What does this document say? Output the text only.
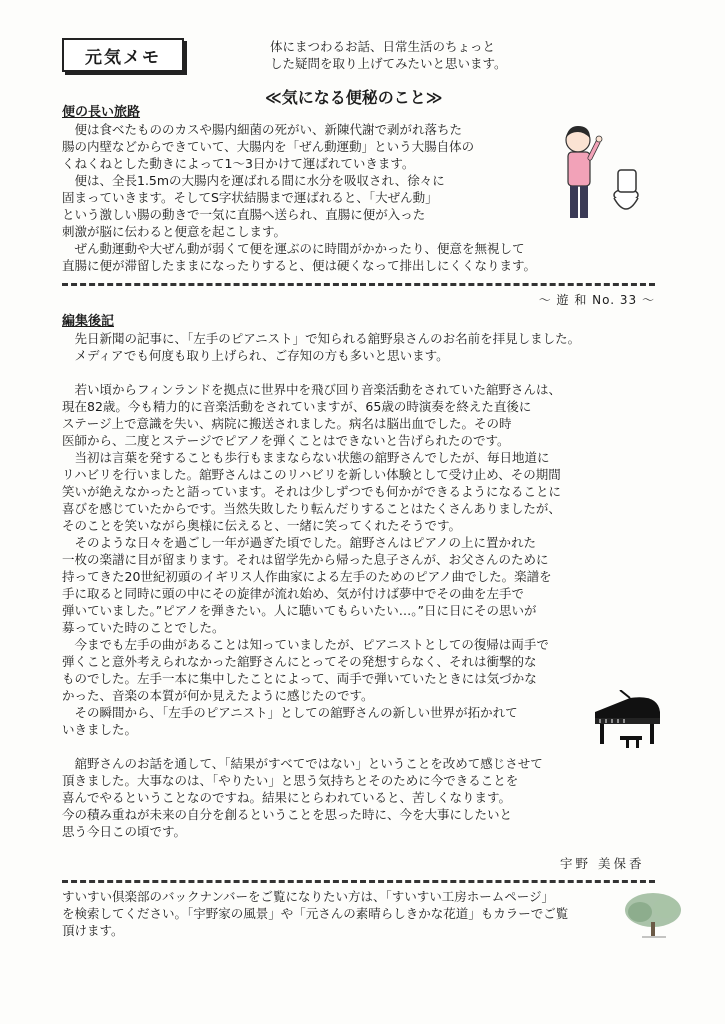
元気メモ
体にまつわるお話、日常生活のちょっと
した疑問を取り上げてみたいと思います。
≪気になる便秘のこと≫
便の長い旅路
　便は食べたもののカスや腸内細菌の死がい、新陳代謝で剥がれ落ちた
腸の内壁などからできていて、大腸内を「ぜん動運動」という大腸自体の
くねくねとした動きによって1～3日かけて運ばれていきます。
　便は、全長1.5mの大腸内を運ばれる間に水分を吸収され、徐々に
固まっていきます。そしてS字状結腸まで運ばれると、「大ぜん動」
という激しい腸の動きで一気に直腸へ送られ、直腸に便が入った
刺激が脳に伝わると便意を起こします。
　ぜん動運動や大ぜん動が弱くて便を運ぶのに時間がかかったり、便意を無視して
直腸に便が滞留したままになったりすると、便は硬くなって排出しにくくなります。
～ 遊 和 No. 33 ～
編集後記
　先日新聞の記事に、「左手のピアニスト」で知られる舘野泉さんのお名前を拝見しました。
　メディアでも何度も取り上げられ、ご存知の方も多いと思います。
　若い頃からフィンランドを拠点に世界中を飛び回り音楽活動をされていた舘野さんは、
現在82歳。今も精力的に音楽活動をされていますが、65歳の時演奏を終えた直後に
ステージ上で意識を失い、病院に搬送されました。病名は脳出血でした。その時
医師から、二度とステージでピアノを弾くことはできないと告げられたのです。
　当初は言葉を発することも歩行もままならない状態の舘野さんでしたが、毎日地道に
リハビリを行いました。舘野さんはこのリハビリを新しい体験として受け止め、その期間
笑いが絶えなかったと語っています。それは少しずつでも何かができるようになることに
喜びを感じていたからです。当然失敗したり転んだりすることはたくさんありましたが、
そのことを笑いながら奥様に伝えると、一緒に笑ってくれたそうです。
　そのような日々を過ごし一年が過ぎた頃でした。舘野さんはピアノの上に置かれた
一枚の楽譜に目が留まります。それは留学先から帰った息子さんが、お父さんのために
持ってきた20世紀初頭のイギリス人作曲家による左手のためのピアノ曲でした。楽譜を
手に取ると同時に頭の中にその旋律が流れ始め、気が付けば夢中でその曲を左手で
弾いていました。”ピアノを弾きたい。人に聴いてもらいたい…。”日に日にその思いが
募っていた時のことでした。
　今までも左手の曲があることは知っていましたが、ピアニストとしての復帰は両手で
弾くこと意外考えられなかった舘野さんにとってその発想すらなく、それは衝撃的な
ものでした。左手一本に集中したことによって、両手で弾いていたときには気づかな
かった、音楽の本質が何か見えたように感じたのです。
　その瞬間から、「左手のピアニスト」としての舘野さんの新しい世界が拓かれて
いきました。
　舘野さんのお話を通して、「結果がすべてではない」ということを改めて感じさせて
頂きました。大事なのは、「やりたい」と思う気持ちとそのために今できることを
喜んでやるということなのですね。結果にとらわれていると、苦しくなります。
今の積み重ねが未来の自分を創るということを思った時に、今を大事にしたいと
思う今日この頃です。
宇野 美保香
すいすい倶楽部のバックナンバーをご覧になりたい方は、「すいすい工房ホームページ」
を検索してください。「宇野家の風景」や「元さんの素晴らしきかな花道」もカラーでご覧
頂けます。
